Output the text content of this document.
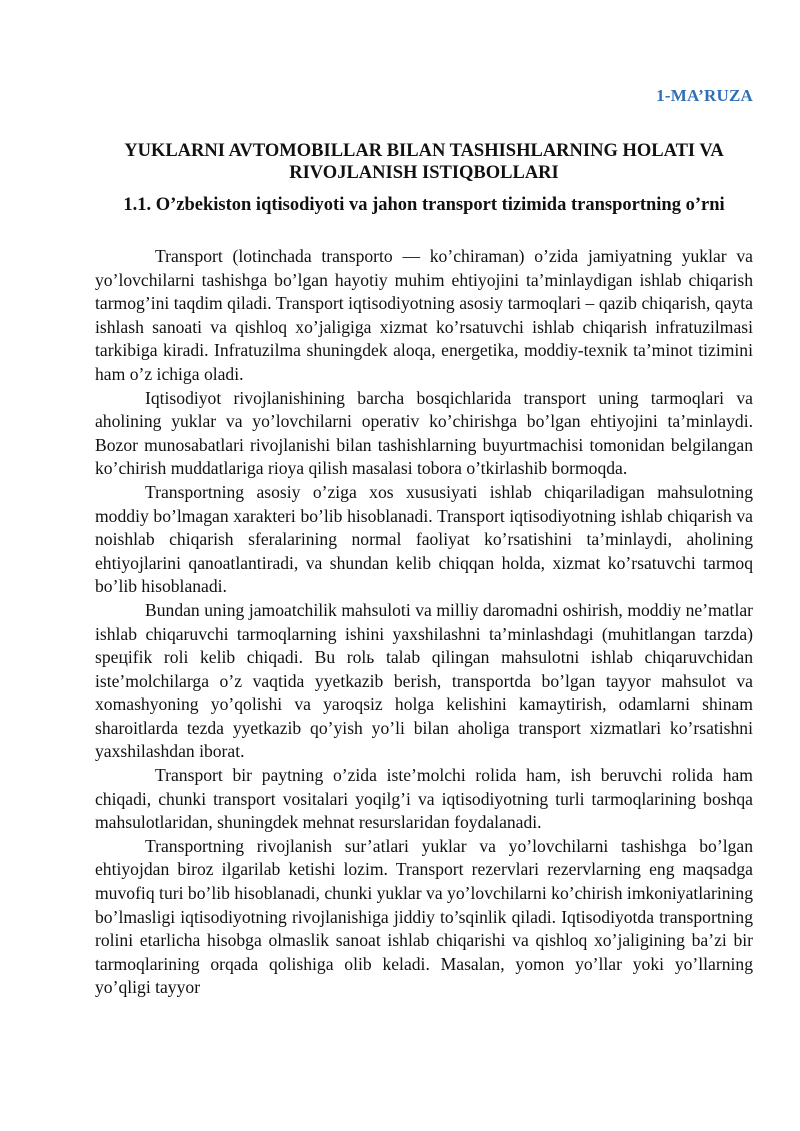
1-MA’RUZA
YUKLARNI AVTOMOBILLAR BILAN TASHISHLARNING HOLATI VA RIVOJLANISH ISTIQBOLLARI
1.1. O’zbekiston iqtisodiyoti va jahon transport tizimida transportning o’rni

Transport (lotinchada transporto — ko’chiraman) o’zida jamiyatning yuklar va yo’lovchilarni tashishga bo’lgan hayotiy muhim ehtiyojini ta’minlaydigan ishlab chiqarish tarmog’ini taqdim qiladi. Transport iqtisodiyotning asosiy tarmoqlari – qazib chiqarish, qayta ishlash sanoati va qishloq xo’jaligiga xizmat ko’rsatuvchi ishlab chiqarish infratuzilmasi tarkibiga kiradi. Infratuzilma shuningdek aloqa, energetika, moddiy-texnik ta’minot tizimini ham o’z ichiga oladi.

Iqtisodiyot rivojlanishining barcha bosqichlarida transport uning tarmoqlari va aholining yuklar va yo’lovchilarni operativ ko’chirishga bo’lgan ehtiyojini ta’minlaydi. Bozor munosabatlari rivojlanishi bilan tashishlarning buyurtmachisi tomonidan belgilangan ko’chirish muddatlariga rioya qilish masalasi tobora o’tkirlashib bormoqda.

Transportning asosiy o’ziga xos xususiyati ishlab chiqariladigan mahsulotning moddiy bo’lmagan xarakteri bo’lib hisoblanadi. Transport iqtisodiyotning ishlab chiqarish va noishlab chiqarish sferalarining normal faoliyat ko’rsatishini ta’minlaydi, aholining ehtiyojlarini qanoatlantiradi, va shundan kelib chiqqan holda, xizmat ko’rsatuvchi tarmoq bo’lib hisoblanadi.

Bundan uning jamoatchilik mahsuloti va milliy daromadni oshirish, moddiy ne’matlar ishlab chiqaruvchi tarmoqlarning ishini yaxshilashni ta’minlashdagi (muhitlangan tarzda) speцifik roli kelib chiqadi. Bu rolь talab qilingan mahsulotni ishlab chiqaruvchidan iste’molchilarga o’z vaqtida yyetkazib berish, transportda bo’lgan tayyor mahsulot va xomashyoning yo’qolishi va yaroqsiz holga kelishini kamaytirish, odamlarni shinam sharoitlarda tezda yyetkazib qo’yish yo’li bilan aholiga transport xizmatlari ko’rsatishni yaxshilashdan iborat.

Transport bir paytning o’zida iste’molchi rolida ham, ish beruvchi rolida ham chiqadi, chunki transport vositalari yoqilg’i va iqtisodiyotning turli tarmoqlarining boshqa mahsulotlaridan, shuningdek mehnat resurslaridan foydalanadi.

Transportning rivojlanish sur’atlari yuklar va yo’lovchilarni tashishga bo’lgan ehtiyojdan biroz ilgarilab ketishi lozim. Transport rezervlari rezervlarning eng maqsadga muvofiq turi bo’lib hisoblanadi, chunki yuklar va yo’lovchilarni ko’chirish imkoniyatlarining bo’lmasligi iqtisodiyotning rivojlanishiga jiddiy to’sqinlik qiladi. Iqtisodiyotda transportning rolini etarlicha hisobga olmaslik sanoat ishlab chiqarishi va qishloq xo’jaligining ba’zi bir tarmoqlarining orqada qolishiga olib keladi. Masalan, yomon yo’llar yoki yo’llarning yo’qligi tayyor
